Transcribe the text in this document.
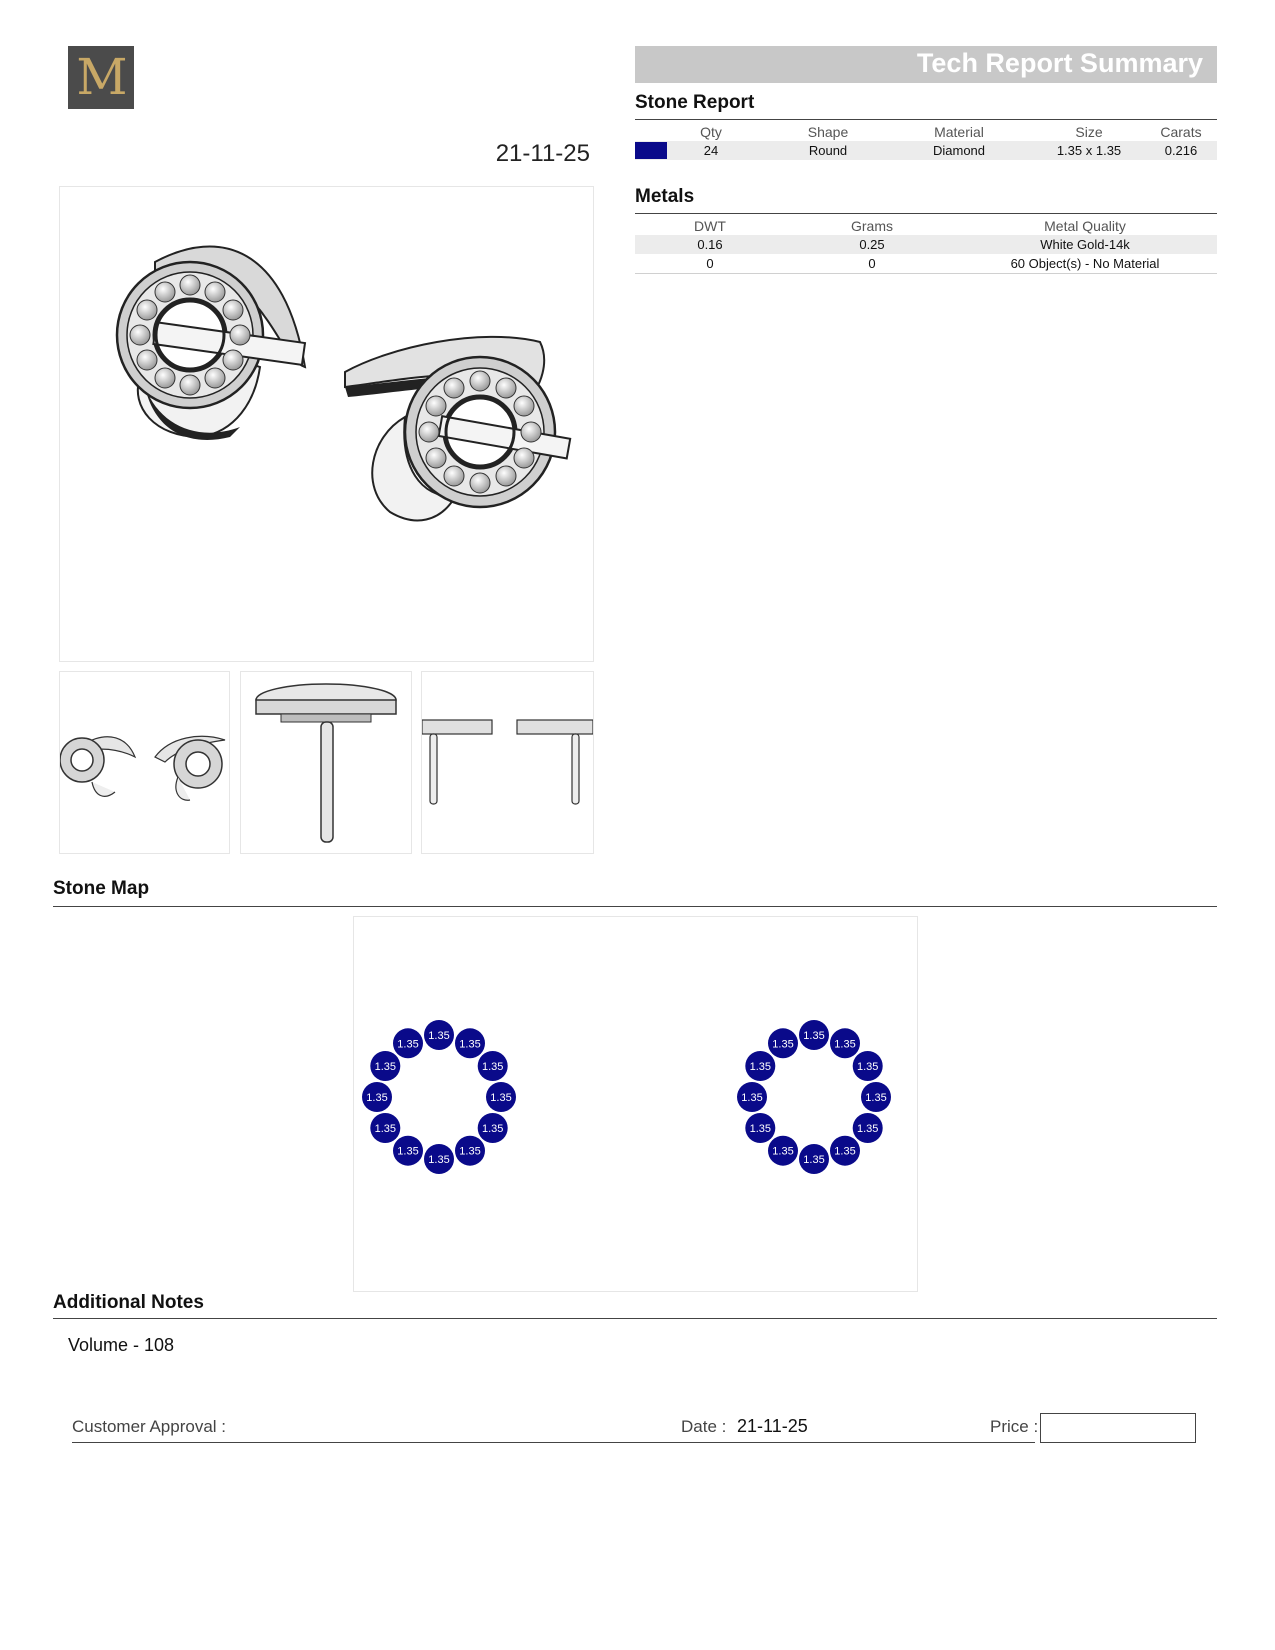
M
21-11-25
Tech Report Summary
Stone Report
Qty	Shape	Material	Size	Carats
24	Round	Diamond	1.35 x 1.35	0.216
Metals
DWT	Grams	Metal Quality
0.16	0.25	White Gold-14k
0	0	60 Object(s) - No Material
Stone Map
1.35
1.35
1.35
1.35
1.35
1.35
1.35
1.35
1.35
1.35
1.35
1.35
1.35
1.35
1.35
1.35
1.35
1.35
1.35
1.35
1.35
1.35
1.35
1.35
Additional Notes
Volume - 108
Customer Approval :	Date : 21-11-25	Price :
